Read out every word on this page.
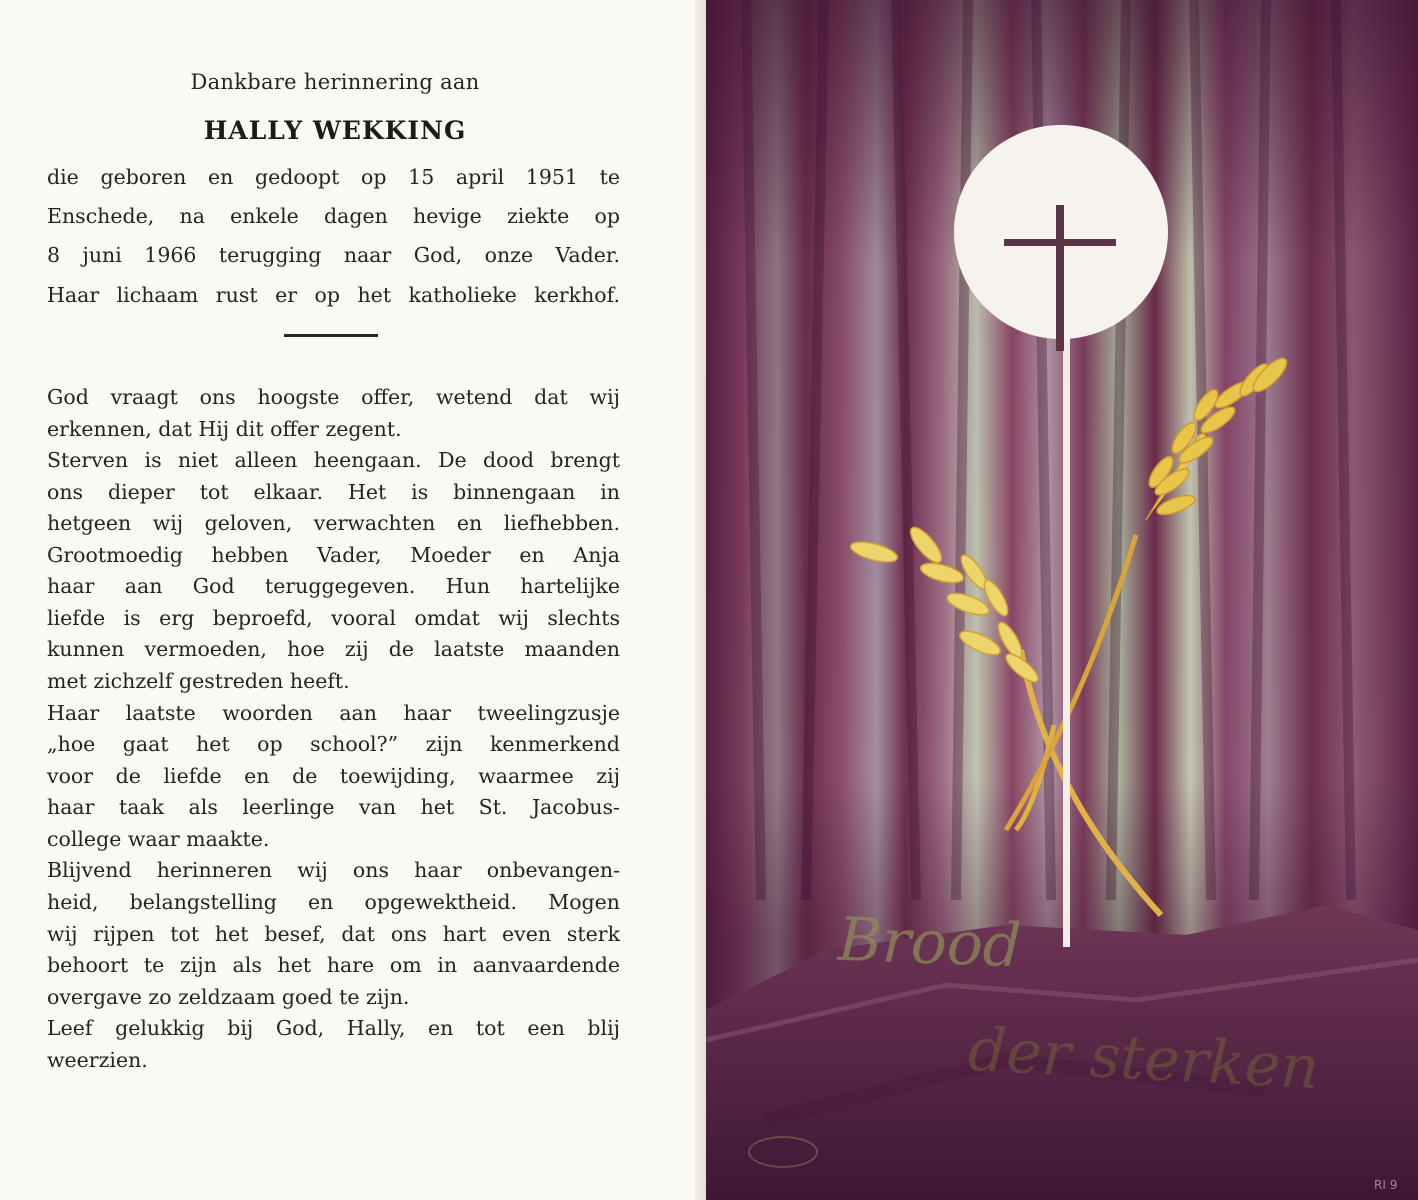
Dankbare herinnering aan
HALLY WEKKING

die geboren en gedoopt op 15 april 1951 te

Enschede, na enkele dagen hevige ziekte op

8 juni 1966 terugging naar God, onze Vader.

Haar lichaam rust er op het katholieke kerkhof.

God vraagt ons hoogste offer, wetend dat wij

erkennen, dat Hij dit offer zegent.

Sterven is niet alleen heengaan. De dood brengt

ons dieper tot elkaar. Het is binnengaan in

hetgeen wij geloven, verwachten en liefhebben.

Grootmoedig hebben Vader, Moeder en Anja

haar aan God teruggegeven. Hun hartelijke

liefde is erg beproefd, vooral omdat wij slechts

kunnen vermoeden, hoe zij de laatste maanden

met zichzelf gestreden heeft.

Haar laatste woorden aan haar tweelingzusje

„hoe gaat het op school?” zijn kenmerkend

voor de liefde en de toewijding, waarmee zij

haar taak als leerlinge van het St. Jacobus-

college waar maakte.

Blijvend herinneren wij ons haar onbevangen-

heid, belangstelling en opgewektheid. Mogen

wij rijpen tot het besef, dat ons hart even sterk

behoort te zijn als het hare om in aanvaardende

overgave zo zeldzaam goed te zijn.

Leef gelukkig bij God, Hally, en tot een blij

weerzien.

Brood

der sterken

RI 9
